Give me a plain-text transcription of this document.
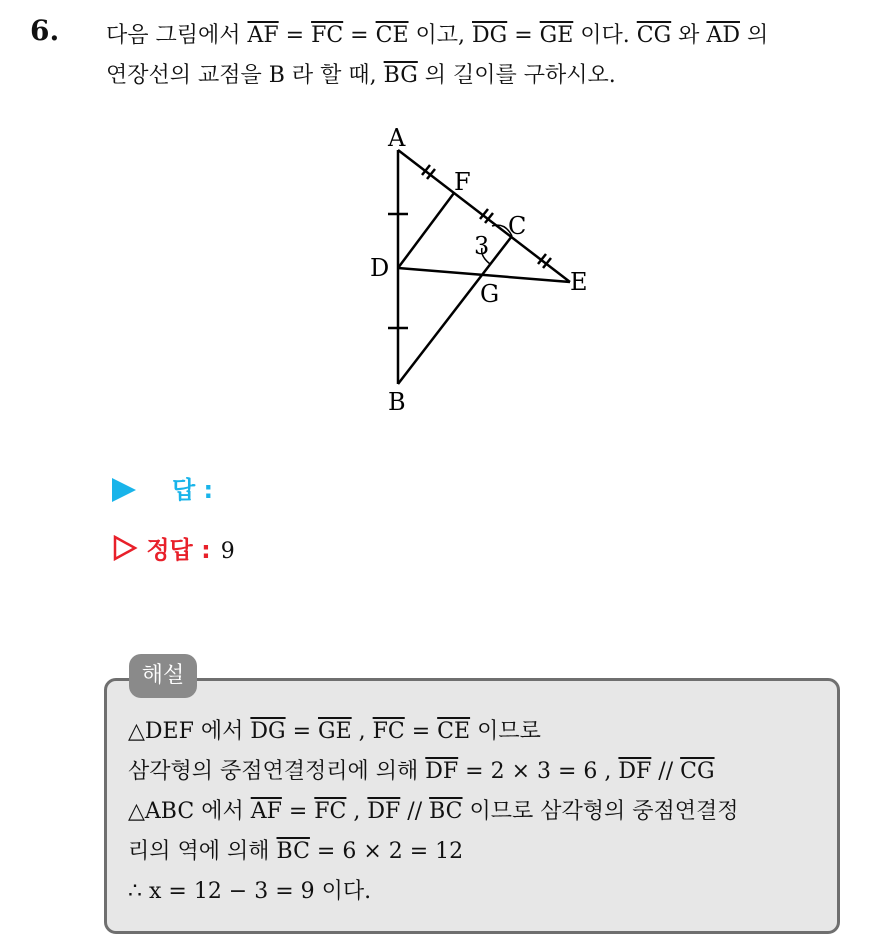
6. 다음 그림에서 $\overline{AF} = \overline{FC} = \overline{CE}$ 이고, $\overline{DG} = \overline{GE}$ 이다. $\overline{CG}$ 와 $\overline{AD}$ 의
연장선의 교점을 B 라 할 때, $\overline{BG}$ 의 길이를 구하시오.
A
F
C
3
D
G	E
B
답 :
정답 : 9
해설
△DEF 에서 $\overline{DG} = \overline{GE}$ , $\overline{FC} = \overline{CE}$ 이므로
삼각형의 중점연결정리에 의해 $\overline{DF} = 2 \times 3 = 6$ , $\overline{DF} // \overline{CG}$
△ABC 에서 $\overline{AF} = \overline{FC}$ , $\overline{DF} // \overline{BC}$ 이므로 삼각형의 중점연결정
리의 역에 의해 $\overline{BC} = 6 \times 2 = 12$
∴ x = 12 − 3 = 9 이다.
